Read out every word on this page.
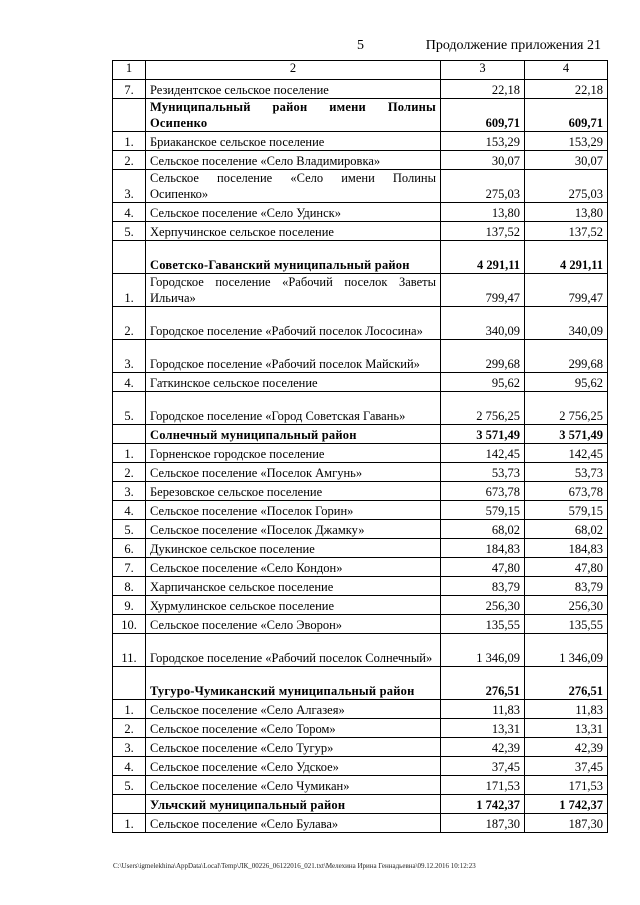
5	Продолжение приложения 21
1	2	3	4
7.	Резидентское сельское поселение	22,18	22,18
	Муниципальный район имени Полины Осипенко	609,71	609,71
1.	Бриаканское сельское поселение	153,29	153,29
2.	Сельское поселение «Село Владимировка»	30,07	30,07
3.	Сельское поселение «Село имени Полины Осипенко»	275,03	275,03
4.	Сельское поселение «Село Удинск»	13,80	13,80
5.	Херпучинское сельское поселение	137,52	137,52
	Советско-Гаванский муниципальный район	4 291,11	4 291,11
1.	Городское поселение «Рабочий поселок Заветы Ильича»	799,47	799,47
2.	Городское поселение «Рабочий поселок Лососина»	340,09	340,09
3.	Городское поселение «Рабочий поселок Майский»	299,68	299,68
4.	Гаткинское сельское поселение	95,62	95,62
5.	Городское поселение «Город Советская Гавань»	2 756,25	2 756,25
	Солнечный муниципальный район	3 571,49	3 571,49
1.	Горненское городское поселение	142,45	142,45
2.	Сельское поселение «Поселок Амгунь»	53,73	53,73
3.	Березовское сельское поселение	673,78	673,78
4.	Сельское поселение «Поселок Горин»	579,15	579,15
5.	Сельское поселение «Поселок Джамку»	68,02	68,02
6.	Дукинское сельское поселение	184,83	184,83
7.	Сельское поселение «Село Кондон»	47,80	47,80
8.	Харпичанское сельское поселение	83,79	83,79
9.	Хурмулинское сельское поселение	256,30	256,30
10.	Сельское поселение «Село Эворон»	135,55	135,55
11.	Городское поселение «Рабочий поселок Солнечный»	1 346,09	1 346,09
	Тугуро-Чумиканский муниципальный район	276,51	276,51
1.	Сельское поселение «Село Алгазея»	11,83	11,83
2.	Сельское поселение «Село Тором»	13,31	13,31
3.	Сельское поселение «Село Тугур»	42,39	42,39
4.	Сельское поселение «Село Удское»	37,45	37,45
5.	Сельское поселение «Село Чумикан»	171,53	171,53
	Ульчский муниципальный район	1 742,37	1 742,37
1.	Сельское поселение «Село Булава»	187,30	187,30
C:\Users\igmelekhina\AppData\Local\Temp\ЛК_00226_06122016_021.txt\Мелехина Ирина Геннадьевна\09.12.2016 10:12:23
